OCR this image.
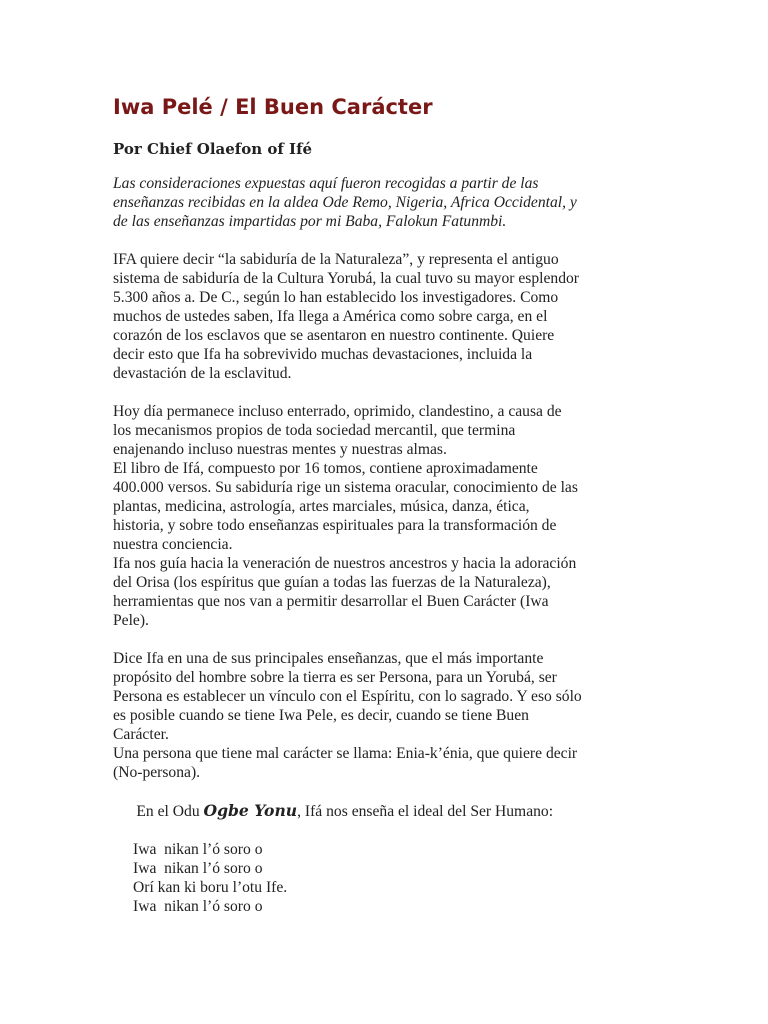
Iwa Pelé / El Buen Carácter

Por Chief Olaefon of Ifé

Las consideraciones expuestas aquí fueron recogidas a partir de las
enseñanzas recibidas en la aldea Ode Remo, Nigeria, Africa Occidental, y
de las enseñanzas impartidas por mi Baba, Falokun Fatunmbi.

IFA quiere decir “la sabiduría de la Naturaleza”, y representa el antiguo
sistema de sabiduría de la Cultura Yorubá, la cual tuvo su mayor esplendor
5.300 años a. De C., según lo han establecido los investigadores. Como
muchos de ustedes saben, Ifa llega a América como sobre carga, en el
corazón de los esclavos que se asentaron en nuestro continente. Quiere
decir esto que Ifa ha sobrevivido muchas devastaciones, incluida la
devastación de la esclavitud.

Hoy día permanece incluso enterrado, oprimido, clandestino, a causa de
los mecanismos propios de toda sociedad mercantil, que termina
enajenando incluso nuestras mentes y nuestras almas.
El libro de Ifá, compuesto por 16 tomos, contiene aproximadamente
400.000 versos. Su sabiduría rige un sistema oracular, conocimiento de las
plantas, medicina, astrología, artes marciales, música, danza, ética,
historia, y sobre todo enseñanzas espirituales para la transformación de
nuestra conciencia.
Ifa nos guía hacia la veneración de nuestros ancestros y hacia la adoración
del Orisa (los espíritus que guían a todas las fuerzas de la Naturaleza),
herramientas que nos van a permitir desarrollar el Buen Carácter (Iwa
Pele).

Dice Ifa en una de sus principales enseñanzas, que el más importante
propósito del hombre sobre la tierra es ser Persona, para un Yorubá, ser
Persona es establecer un vínculo con el Espíritu, con lo sagrado. Y eso sólo
es posible cuando se tiene Iwa Pele, es decir, cuando se tiene Buen
Carácter.
Una persona que tiene mal carácter se llama: Enia-k’énia, que quiere decir
(No-persona).

En el Odu Ogbe Yonu, Ifá nos enseña el ideal del Ser Humano:

Iwa  nikan l’ó soro o
Iwa  nikan l’ó soro o
Orí kan ki boru l’otu Ife.
Iwa  nikan l’ó soro o
